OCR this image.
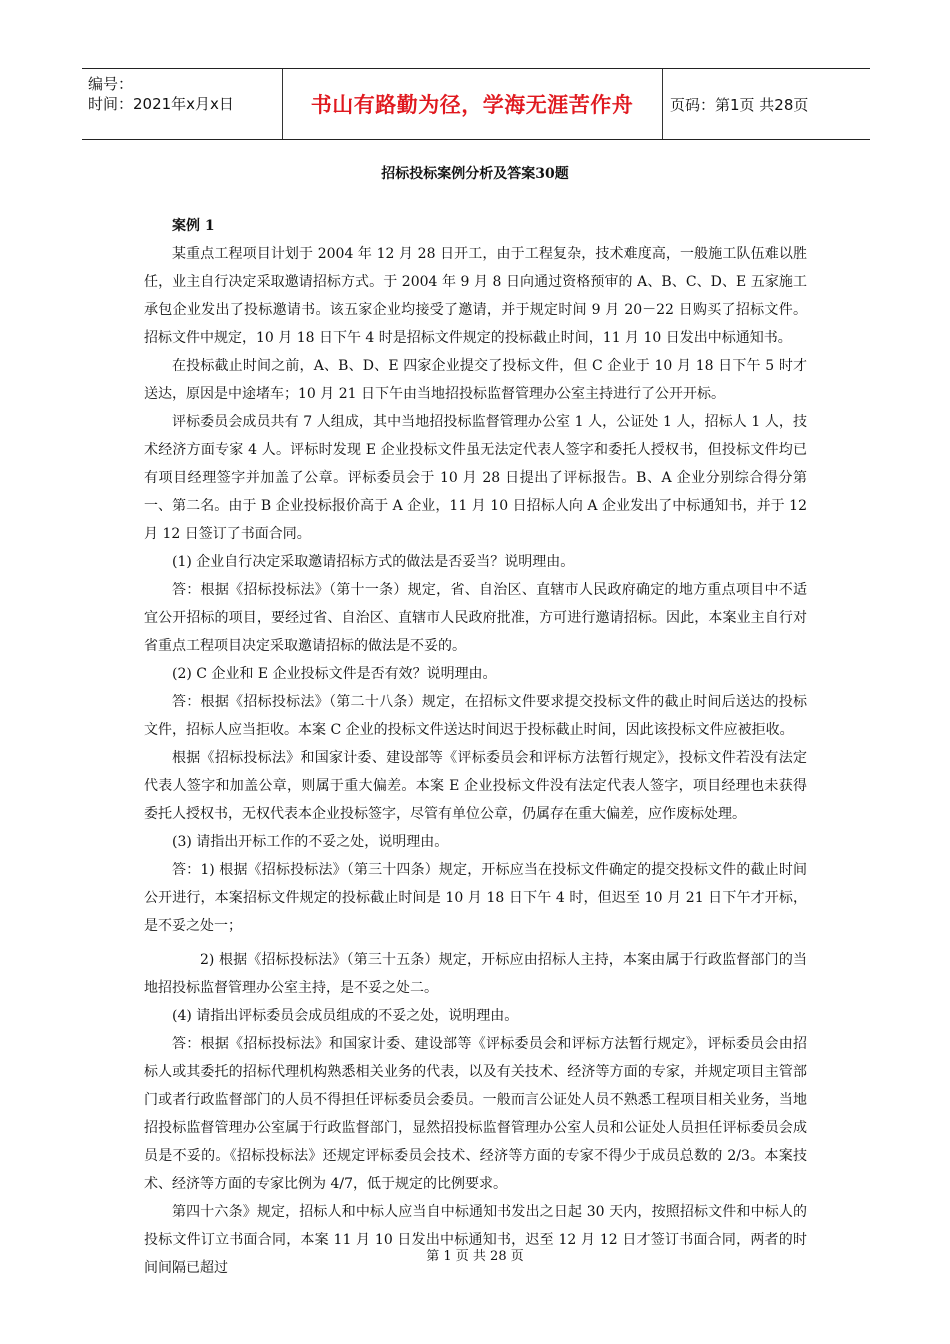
编号：
时间：2021年x月x日	书山有路勤为径，学海无涯苦作舟	页码：第1页 共28页
招标投标案例分析及答案30题
案例 1

某重点工程项目计划于 2004 年 12 月 28 日开工，由于工程复杂，技术难度高，一般施工队伍难以胜任，业主自行决定采取邀请招标方式。于 2004 年 9 月 8 日向通过资格预审的 A、B、C、D、E 五家施工承包企业发出了投标邀请书。该五家企业均接受了邀请，并于规定时间 9 月 20－22 日购买了招标文件。招标文件中规定，10 月 18 日下午 4 时是招标文件规定的投标截止时间，11 月 10 日发出中标通知书。

在投标截止时间之前，A、B、D、E 四家企业提交了投标文件，但 C 企业于 10 月 18 日下午 5 时才送达，原因是中途堵车；10 月 21 日下午由当地招投标监督管理办公室主持进行了公开开标。

评标委员会成员共有 7 人组成，其中当地招投标监督管理办公室 1 人，公证处 1 人，招标人 1 人，技术经济方面专家 4 人。评标时发现 E 企业投标文件虽无法定代表人签字和委托人授权书，但投标文件均已有项目经理签字并加盖了公章。评标委员会于 10 月 28 日提出了评标报告。B、A 企业分别综合得分第一、第二名。由于 B 企业投标报价高于 A 企业，11 月 10 日招标人向 A 企业发出了中标通知书，并于 12 月 12 日签订了书面合同。

(1) 企业自行决定采取邀请招标方式的做法是否妥当？说明理由。

答：根据《招标投标法》（第十一条）规定，省、自治区、直辖市人民政府确定的地方重点项目中不适宜公开招标的项目，要经过省、自治区、直辖市人民政府批准，方可进行邀请招标。因此，本案业主自行对省重点工程项目决定采取邀请招标的做法是不妥的。

(2) C 企业和 E 企业投标文件是否有效？说明理由。

答：根据《招标投标法》（第二十八条）规定，在招标文件要求提交投标文件的截止时间后送达的投标文件，招标人应当拒收。本案 C 企业的投标文件送达时间迟于投标截止时间，因此该投标文件应被拒收。

根据《招标投标法》和国家计委、建设部等《评标委员会和评标方法暂行规定》，投标文件若没有法定代表人签字和加盖公章，则属于重大偏差。本案 E 企业投标文件没有法定代表人签字，项目经理也未获得委托人授权书，无权代表本企业投标签字，尽管有单位公章，仍属存在重大偏差，应作废标处理。

(3) 请指出开标工作的不妥之处，说明理由。

答：1) 根据《招标投标法》（第三十四条）规定，开标应当在投标文件确定的提交投标文件的截止时间公开进行，本案招标文件规定的投标截止时间是 10 月 18 日下午 4 时，但迟至 10 月 21 日下午才开标，是不妥之处一；

2) 根据《招标投标法》（第三十五条）规定，开标应由招标人主持，本案由属于行政监督部门的当地招投标监督管理办公室主持，是不妥之处二。

(4) 请指出评标委员会成员组成的不妥之处，说明理由。

答：根据《招标投标法》和国家计委、建设部等《评标委员会和评标方法暂行规定》，评标委员会由招标人或其委托的招标代理机构熟悉相关业务的代表，以及有关技术、经济等方面的专家，并规定项目主管部门或者行政监督部门的人员不得担任评标委员会委员。一般而言公证处人员不熟悉工程项目相关业务，当地招投标监督管理办公室属于行政监督部门，显然招投标监督管理办公室人员和公证处人员担任评标委员会成员是不妥的。《招标投标法》还规定评标委员会技术、经济等方面的专家不得少于成员总数的 2/3。本案技术、经济等方面的专家比例为 4/7，低于规定的比例要求。

第四十六条》规定，招标人和中标人应当自中标通知书发出之日起 30 天内，按照招标文件和中标人的投标文件订立书面合同，本案 11 月 10 日发出中标通知书，迟至 12 月 12 日才签订书面合同，两者的时间间隔已超过

第 1 页 共 28 页
